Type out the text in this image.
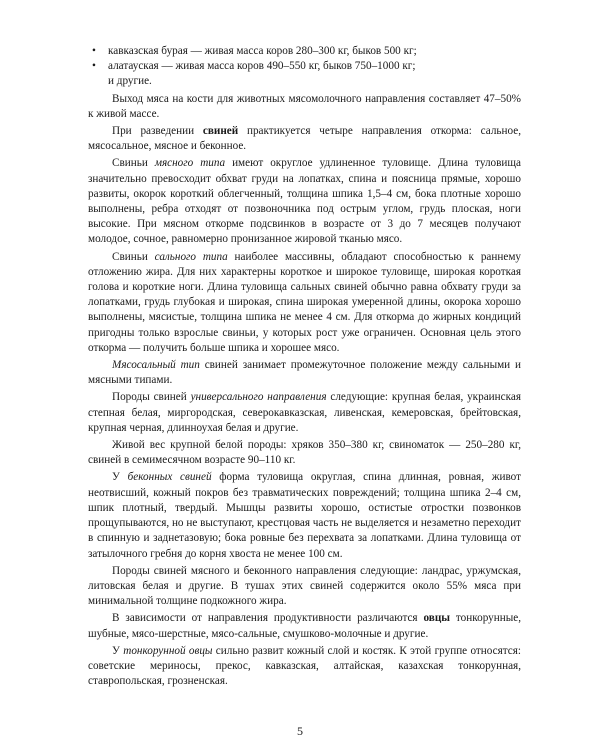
• кавказская бурая — живая масса коров 280–300 кг, быков 500 кг;
• алатауская — живая масса коров 490–550 кг, быков 750–1000 кг;
и другие.

Выход мяса на кости для животных мясомолочного направления составляет 47–50% к живой массе.

При разведении свиней практикуется четыре направления откорма: сальное, мясосальное, мясное и беконное.

Свиньи мясного типа имеют округлое удлиненное туловище. Длина туловища значительно превосходит обхват груди на лопатках, спина и поясница прямые, хорошо развиты, окорок короткий облегченный, толщина шпика 1,5–4 см, бока плотные хорошо выполнены, ребра отходят от позвоночника под острым углом, грудь плоская, ноги высокие. При мясном откорме подсвинков в возрасте от 3 до 7 месяцев получают молодое, сочное, равномерно пронизанное жировой тканью мясо.

Свиньи сального типа наиболее массивны, обладают способностью к раннему отложению жира. Для них характерны короткое и широкое туловище, широкая короткая голова и короткие ноги. Длина туловища сальных свиней обычно равна обхвату груди за лопатками, грудь глубокая и широкая, спина широкая умеренной длины, окорока хорошо выполнены, мясистые, толщина шпика не менее 4 см. Для откорма до жирных кондиций пригодны только взрослые свиньи, у которых рост уже ограничен. Основная цель этого откорма — получить больше шпика и хорошее мясо.

Мясосальный тип свиней занимает промежуточное положение между сальными и мясными типами.

Породы свиней универсального направления следующие: крупная белая, украинская степная белая, миргородская, северокавказская, ливенская, кемеровская, брейтовская, крупная черная, длинноухая белая и другие.

Живой вес крупной белой породы: хряков 350–380 кг, свиноматок — 250–280 кг, свиней в семимесячном возрасте 90–110 кг.

У беконных свиней форма туловища округлая, спина длинная, ровная, живот неотвисший, кожный покров без травматических повреждений; толщина шпика 2–4 см, шпик плотный, твердый. Мышцы развиты хорошо, остистые отростки позвонков прощупываются, но не выступают, крестцовая часть не выделяется и незаметно переходит в спинную и заднетазовую; бока ровные без перехвата за лопатками. Длина туловища от затылочного гребня до корня хвоста не менее 100 см.

Породы свиней мясного и беконного направления следующие: ландрас, уржумская, литовская белая и другие. В тушах этих свиней содержится около 55% мяса при минимальной толщине подкожного жира.

В зависимости от направления продуктивности различаются овцы тонкорунные, шубные, мясо-шерстные, мясо-сальные, смушково-молочные и другие.

У тонкорунной овцы сильно развит кожный слой и костяк. К этой группе относятся: советские мериносы, прекос, кавказская, алтайская, казахская тонкорунная, ставропольская, грозненская.

5
